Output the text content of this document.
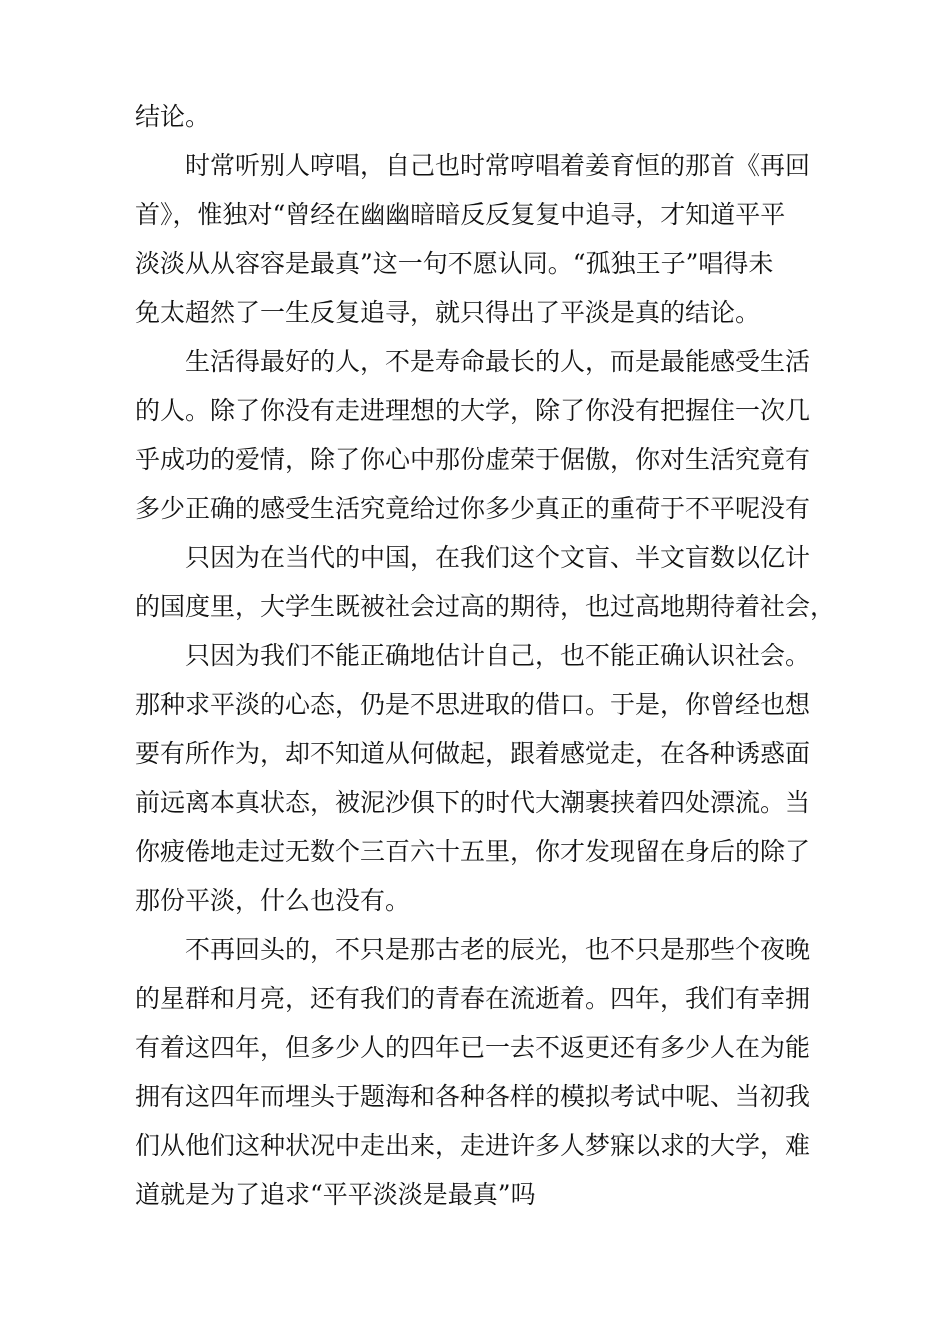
结论。
时常听别人哼唱，自己也时常哼唱着姜育恒的那首《再回
首》，惟独对“曾经在幽幽暗暗反反复复中追寻，才知道平平
淡淡从从容容是最真”这一句不愿认同。“孤独王子”唱得未
免太超然了一生反复追寻，就只得出了平淡是真的结论。
生活得最好的人，不是寿命最长的人，而是最能感受生活
的人。除了你没有走进理想的大学，除了你没有把握住一次几
乎成功的爱情，除了你心中那份虚荣于倨傲，你对生活究竟有
多少正确的感受生活究竟给过你多少真正的重荷于不平呢没有
只因为在当代的中国，在我们这个文盲、半文盲数以亿计
的国度里，大学生既被社会过高的期待，也过高地期待着社会，
只因为我们不能正确地估计自己，也不能正确认识社会。
那种求平淡的心态，仍是不思进取的借口。于是，你曾经也想
要有所作为，却不知道从何做起，跟着感觉走，在各种诱惑面
前远离本真状态，被泥沙俱下的时代大潮裹挟着四处漂流。当
你疲倦地走过无数个三百六十五里，你才发现留在身后的除了
那份平淡，什么也没有。
不再回头的，不只是那古老的辰光，也不只是那些个夜晚
的星群和月亮，还有我们的青春在流逝着。四年，我们有幸拥
有着这四年，但多少人的四年已一去不返更还有多少人在为能
拥有这四年而埋头于题海和各种各样的模拟考试中呢、当初我
们从他们这种状况中走出来，走进许多人梦寐以求的大学，难
道就是为了追求“平平淡淡是最真”吗
